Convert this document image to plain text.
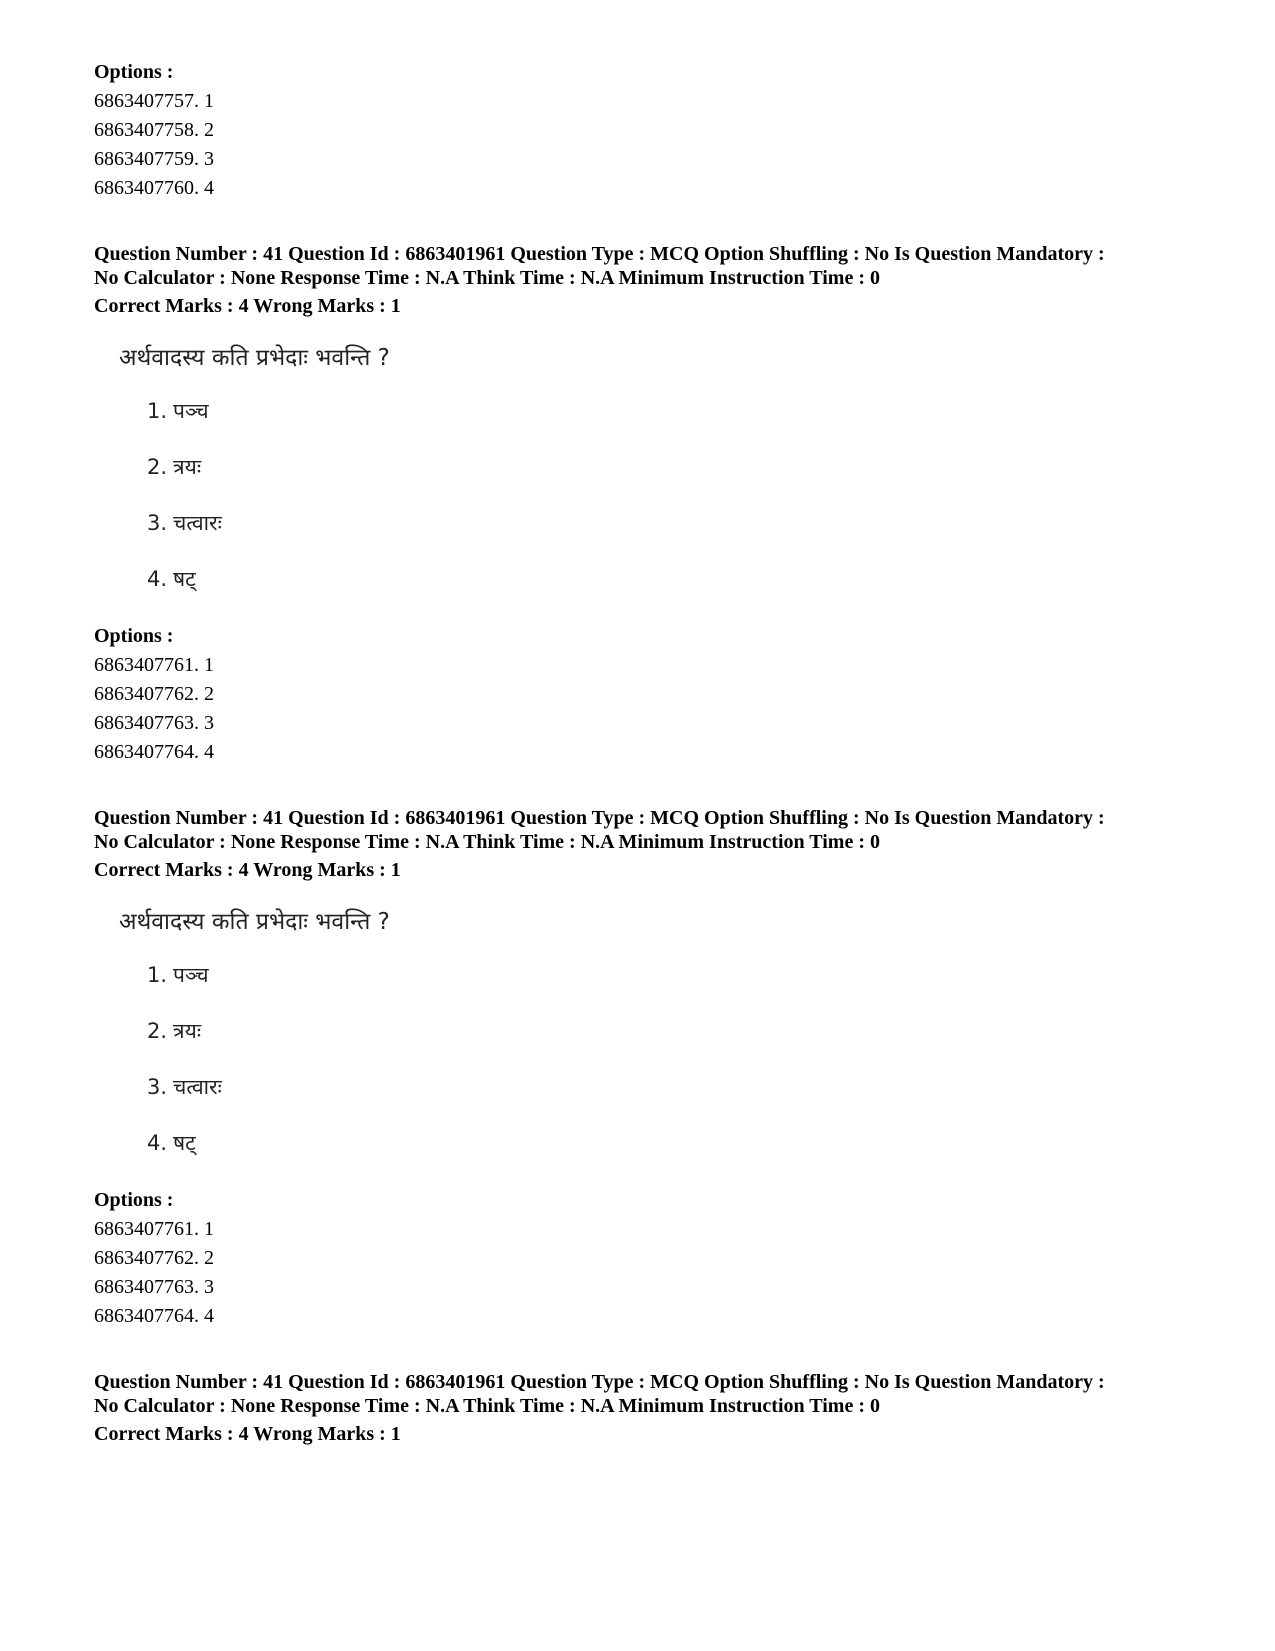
Options :
6863407757. 1
6863407758. 2
6863407759. 3
6863407760. 4
Question Number : 41 Question Id : 6863401961 Question Type : MCQ Option Shuffling : No Is Question Mandatory :
No Calculator : None Response Time : N.A Think Time : N.A Minimum Instruction Time : 0
Correct Marks : 4 Wrong Marks : 1
अर्थवादस्य कति प्रभेदाः भवन्ति ?
1. पञ्च
2. त्रयः
3. चत्वारः
4. षट्
Options :
6863407761. 1
6863407762. 2
6863407763. 3
6863407764. 4
Question Number : 41 Question Id : 6863401961 Question Type : MCQ Option Shuffling : No Is Question Mandatory :
No Calculator : None Response Time : N.A Think Time : N.A Minimum Instruction Time : 0
Correct Marks : 4 Wrong Marks : 1
अर्थवादस्य कति प्रभेदाः भवन्ति ?
1. पञ्च
2. त्रयः
3. चत्वारः
4. षट्
Options :
6863407761. 1
6863407762. 2
6863407763. 3
6863407764. 4
Question Number : 41 Question Id : 6863401961 Question Type : MCQ Option Shuffling : No Is Question Mandatory :
No Calculator : None Response Time : N.A Think Time : N.A Minimum Instruction Time : 0
Correct Marks : 4 Wrong Marks : 1
